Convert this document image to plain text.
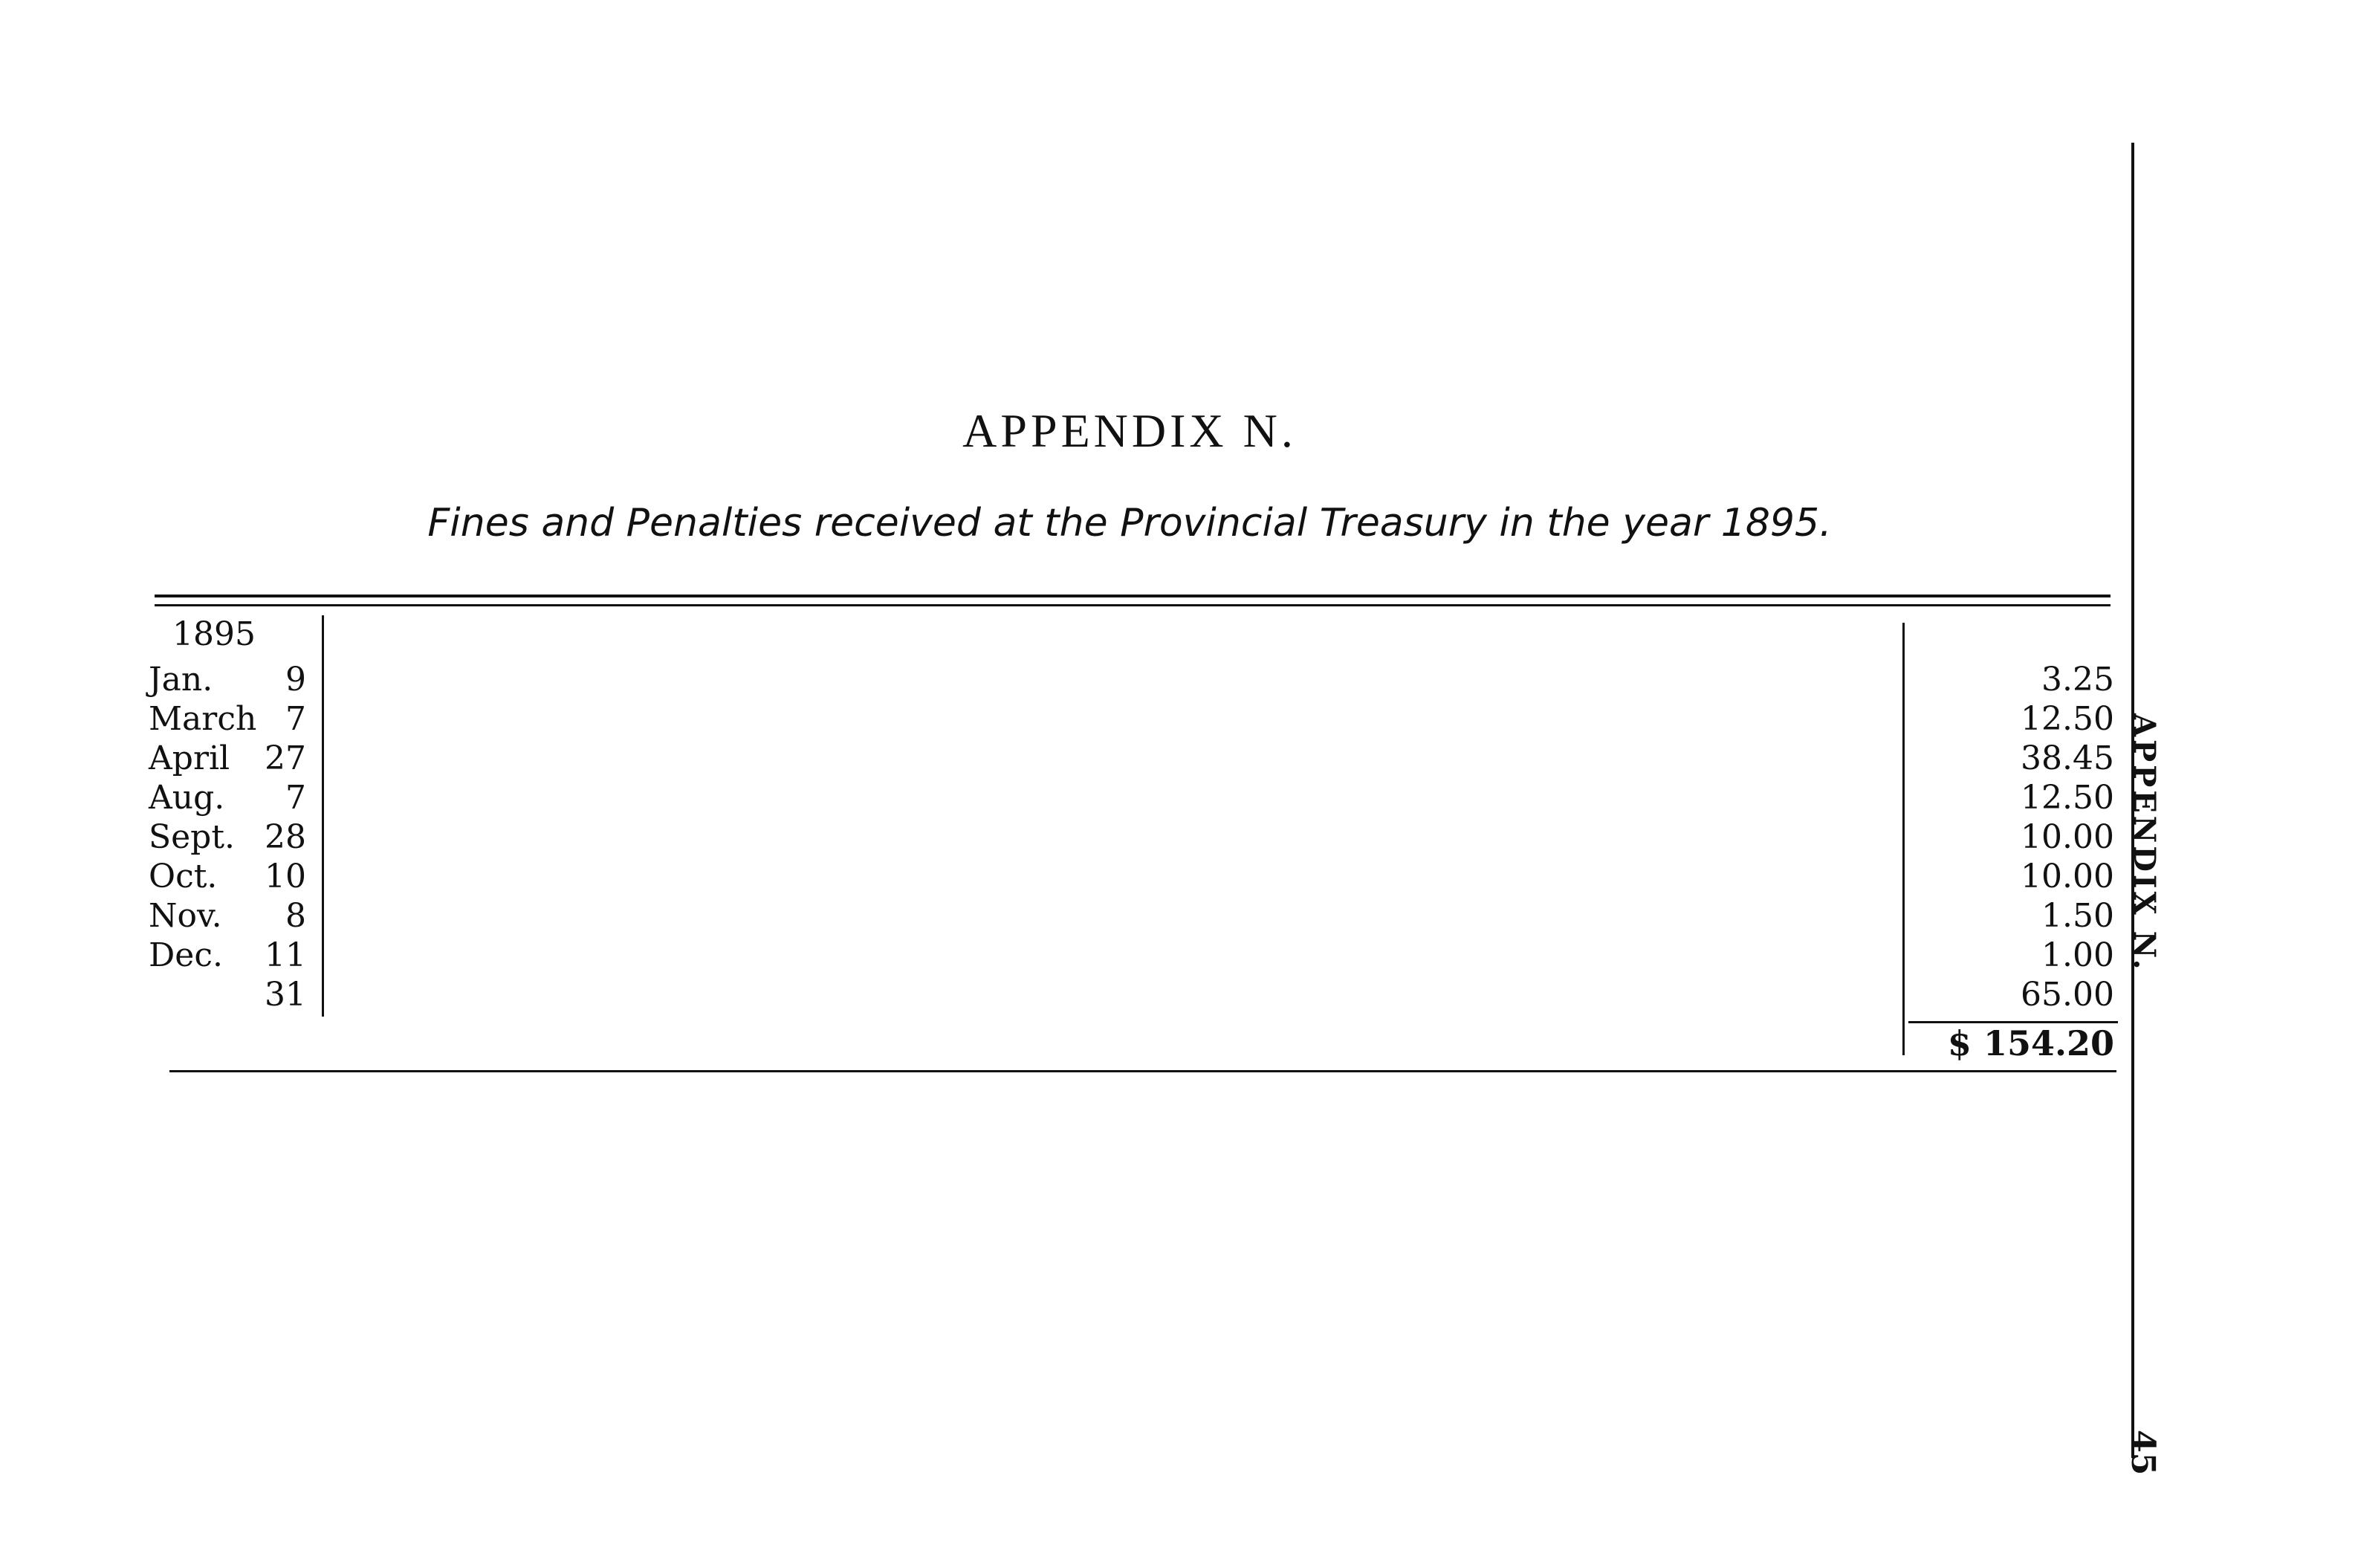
APPENDIX N.
Fines and Penalties received at the Provincial Treasury in the year 1895.
1895
Jan. 9	3.25
March 7	12.50
April 27	38.45
Aug. 7	12.50
Sept. 28	10.00
Oct. 10	10.00
Nov. 8	1.50
Dec. 11	1.00
31	65.00
$ 154.20
APPENDIX N.
45
